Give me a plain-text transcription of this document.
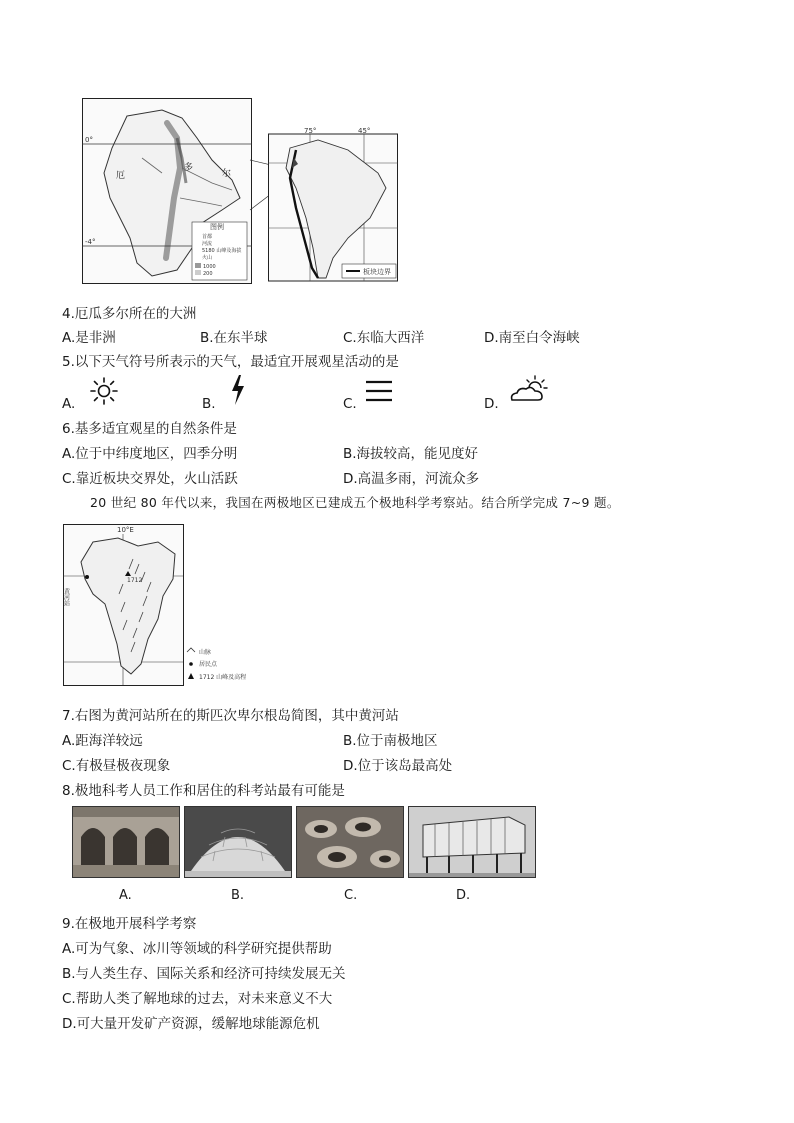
0°
-4°
厄
多
尔
图例
首都
河流
5180 山峰及海拔
火山
1000
200
75°	45°
板块边界
4.厄瓜多尔所在的大洲
A.是非洲	B.在东半球	C.东临大西洋	D.南至白令海峡
5.以下天气符号所表示的天气，最适宜开展观星活动的是
A.	B.	C.	D.
6.基多适宜观星的自然条件是
A.位于中纬度地区，四季分明	B.海拔较高，能见度好
C.靠近板块交界处，火山活跃	D.高温多雨，河流众多
20 世纪 80 年代以来，我国在两极地区已建成五个极地科学考察站。结合所学完成 7~9 题。
10°E
黄河站
1712
山脉
居民点
1712 山峰及高程
7.右图为黄河站所在的斯匹次卑尔根岛简图，其中黄河站
A.距海洋较远	B.位于南极地区
C.有极昼极夜现象	D.位于该岛最高处
8.极地科考人员工作和居住的科考站最有可能是
A.	B.	C.	D.
9.在极地开展科学考察
A.可为气象、冰川等领域的科学研究提供帮助
B.与人类生存、国际关系和经济可持续发展无关
C.帮助人类了解地球的过去，对未来意义不大
D.可大量开发矿产资源，缓解地球能源危机
